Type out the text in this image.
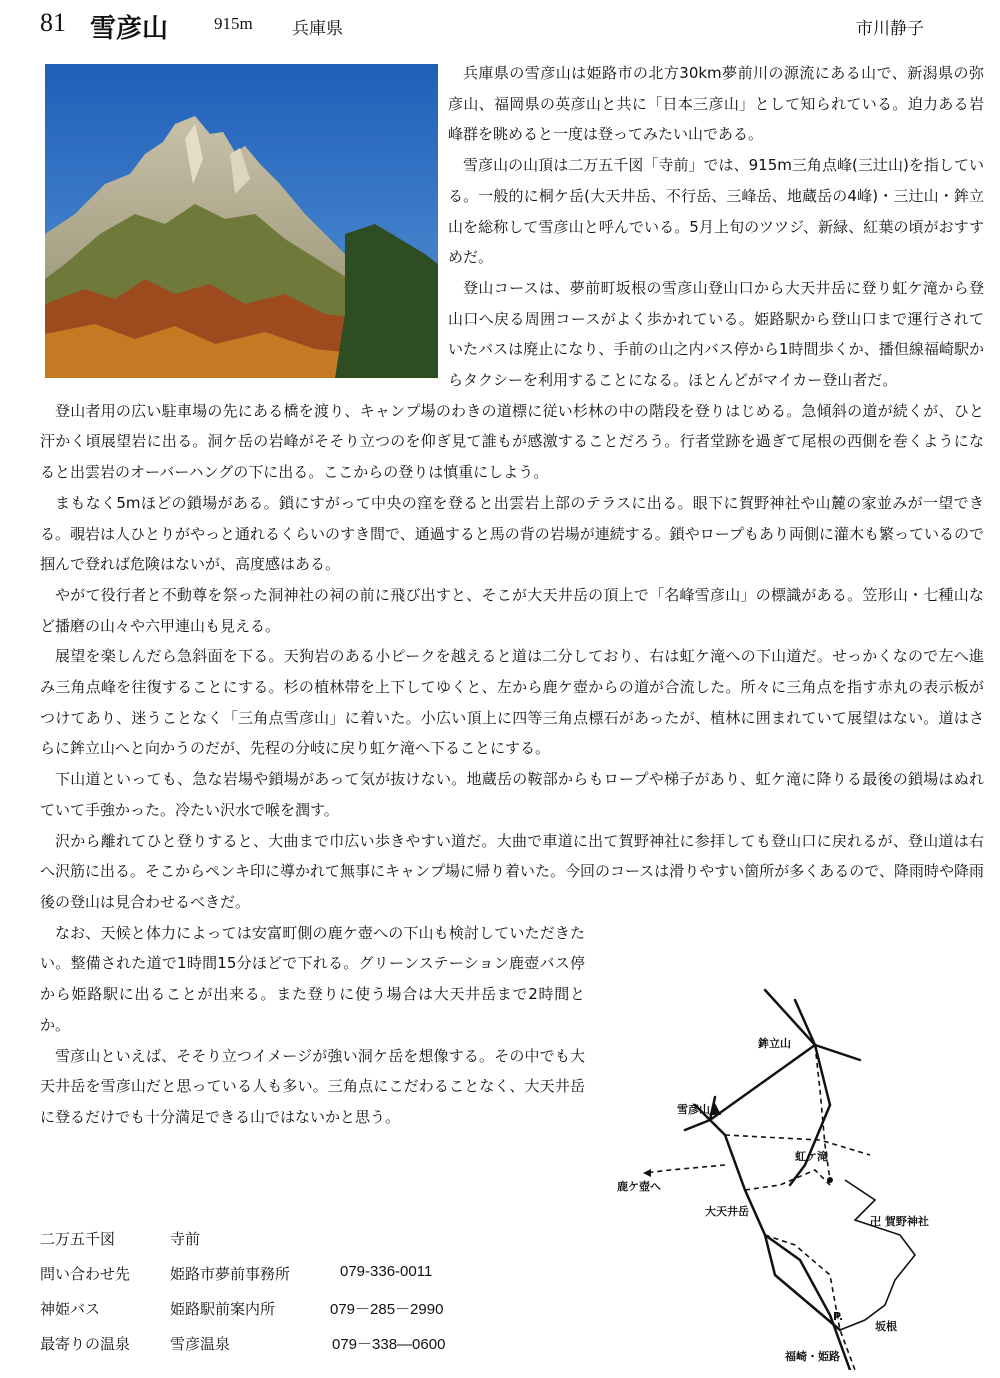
81 雪彦山	915m 兵庫県	市川静子

兵庫県の雪彦山は姫路市の北方30km夢前川の源流にある山で、新潟県の弥彦山、福岡県の英彦山と共に「日本三彦山」として知られている。迫力ある岩峰群を眺めると一度は登ってみたい山である。

雪彦山の山頂は二万五千図「寺前」では、915m三角点峰(三辻山)を指している。一般的に桐ケ岳(大天井岳、不行岳、三峰岳、地蔵岳の4峰)・三辻山・鉾立山を総称して雪彦山と呼んでいる。5月上旬のツツジ、新緑、紅葉の頃がおすすめだ。

登山コースは、夢前町坂根の雪彦山登山口から大天井岳に登り虹ケ滝から登山口へ戻る周囲コースがよく歩かれている。姫路駅から登山口まで運行されていたバスは廃止になり、手前の山之内バス停から1時間歩くか、播但線福崎駅からタクシーを利用することになる。ほとんどがマイカー登山者だ。

登山者用の広い駐車場の先にある橋を渡り、キャンプ場のわきの道標に従い杉林の中の階段を登りはじめる。急傾斜の道が続くが、ひと汗かく頃展望岩に出る。洞ケ岳の岩峰がそそり立つのを仰ぎ見て誰もが感激することだろう。行者堂跡を過ぎて尾根の西側を巻くようになると出雲岩のオーバーハングの下に出る。ここからの登りは慎重にしよう。

まもなく5mほどの鎖場がある。鎖にすがって中央の窪を登ると出雲岩上部のテラスに出る。眼下に賀野神社や山麓の家並みが一望できる。覗岩は人ひとりがやっと通れるくらいのすき間で、通過すると馬の背の岩場が連続する。鎖やロープもあり両側に灌木も繁っているので掴んで登れば危険はないが、高度感はある。

やがて役行者と不動尊を祭った洞神社の祠の前に飛び出すと、そこが大天井岳の頂上で「名峰雪彦山」の標識がある。笠形山・七種山など播磨の山々や六甲連山も見える。

展望を楽しんだら急斜面を下る。天狗岩のある小ピークを越えると道は二分しており、右は虹ケ滝への下山道だ。せっかくなので左へ進み三角点峰を往復することにする。杉の植林帯を上下してゆくと、左から鹿ケ壺からの道が合流した。所々に三角点を指す赤丸の表示板がつけてあり、迷うことなく「三角点雪彦山」に着いた。小広い頂上に四等三角点標石があったが、植林に囲まれていて展望はない。道はさらに鉾立山へと向かうのだが、先程の分岐に戻り虹ケ滝へ下ることにする。

下山道といっても、急な岩場や鎖場があって気が抜けない。地蔵岳の鞍部からもロープや梯子があり、虹ケ滝に降りる最後の鎖場はぬれていて手強かった。冷たい沢水で喉を潤す。

沢から離れてひと登りすると、大曲まで巾広い歩きやすい道だ。大曲で車道に出て賀野神社に参拝しても登山口に戻れるが、登山道は右へ沢筋に出る。そこからペンキ印に導かれて無事にキャンプ場に帰り着いた。今回のコースは滑りやすい箇所が多くあるので、降雨時や降雨後の登山は見合わせるべきだ。

なお、天候と体力によっては安富町側の鹿ケ壺への下山も検討していただきたい。整備された道で1時間15分ほどで下れる。グリーンステーション鹿壺バス停から姫路駅に出ることが出来る。また登りに使う場合は大天井岳まで2時間とか。

雪彦山といえば、そそり立つイメージが強い洞ケ岳を想像する。その中でも大天井岳を雪彦山だと思っている人も多い。三角点にこだわることなく、大天井岳に登るだけでも十分満足できる山ではないかと思う。

鉾立山
雪彦山
鹿ケ壺へ
虹ケ滝
大天井岳
卍 賀野神社
P.
坂根
福崎・姫路
二万五千図	寺前
問い合わせ先	姫路市夢前事務所	079-336-0011
神姫バス	姫路駅前案内所	079－285－2990
最寄りの温泉	雪彦温泉	079－338―0600
